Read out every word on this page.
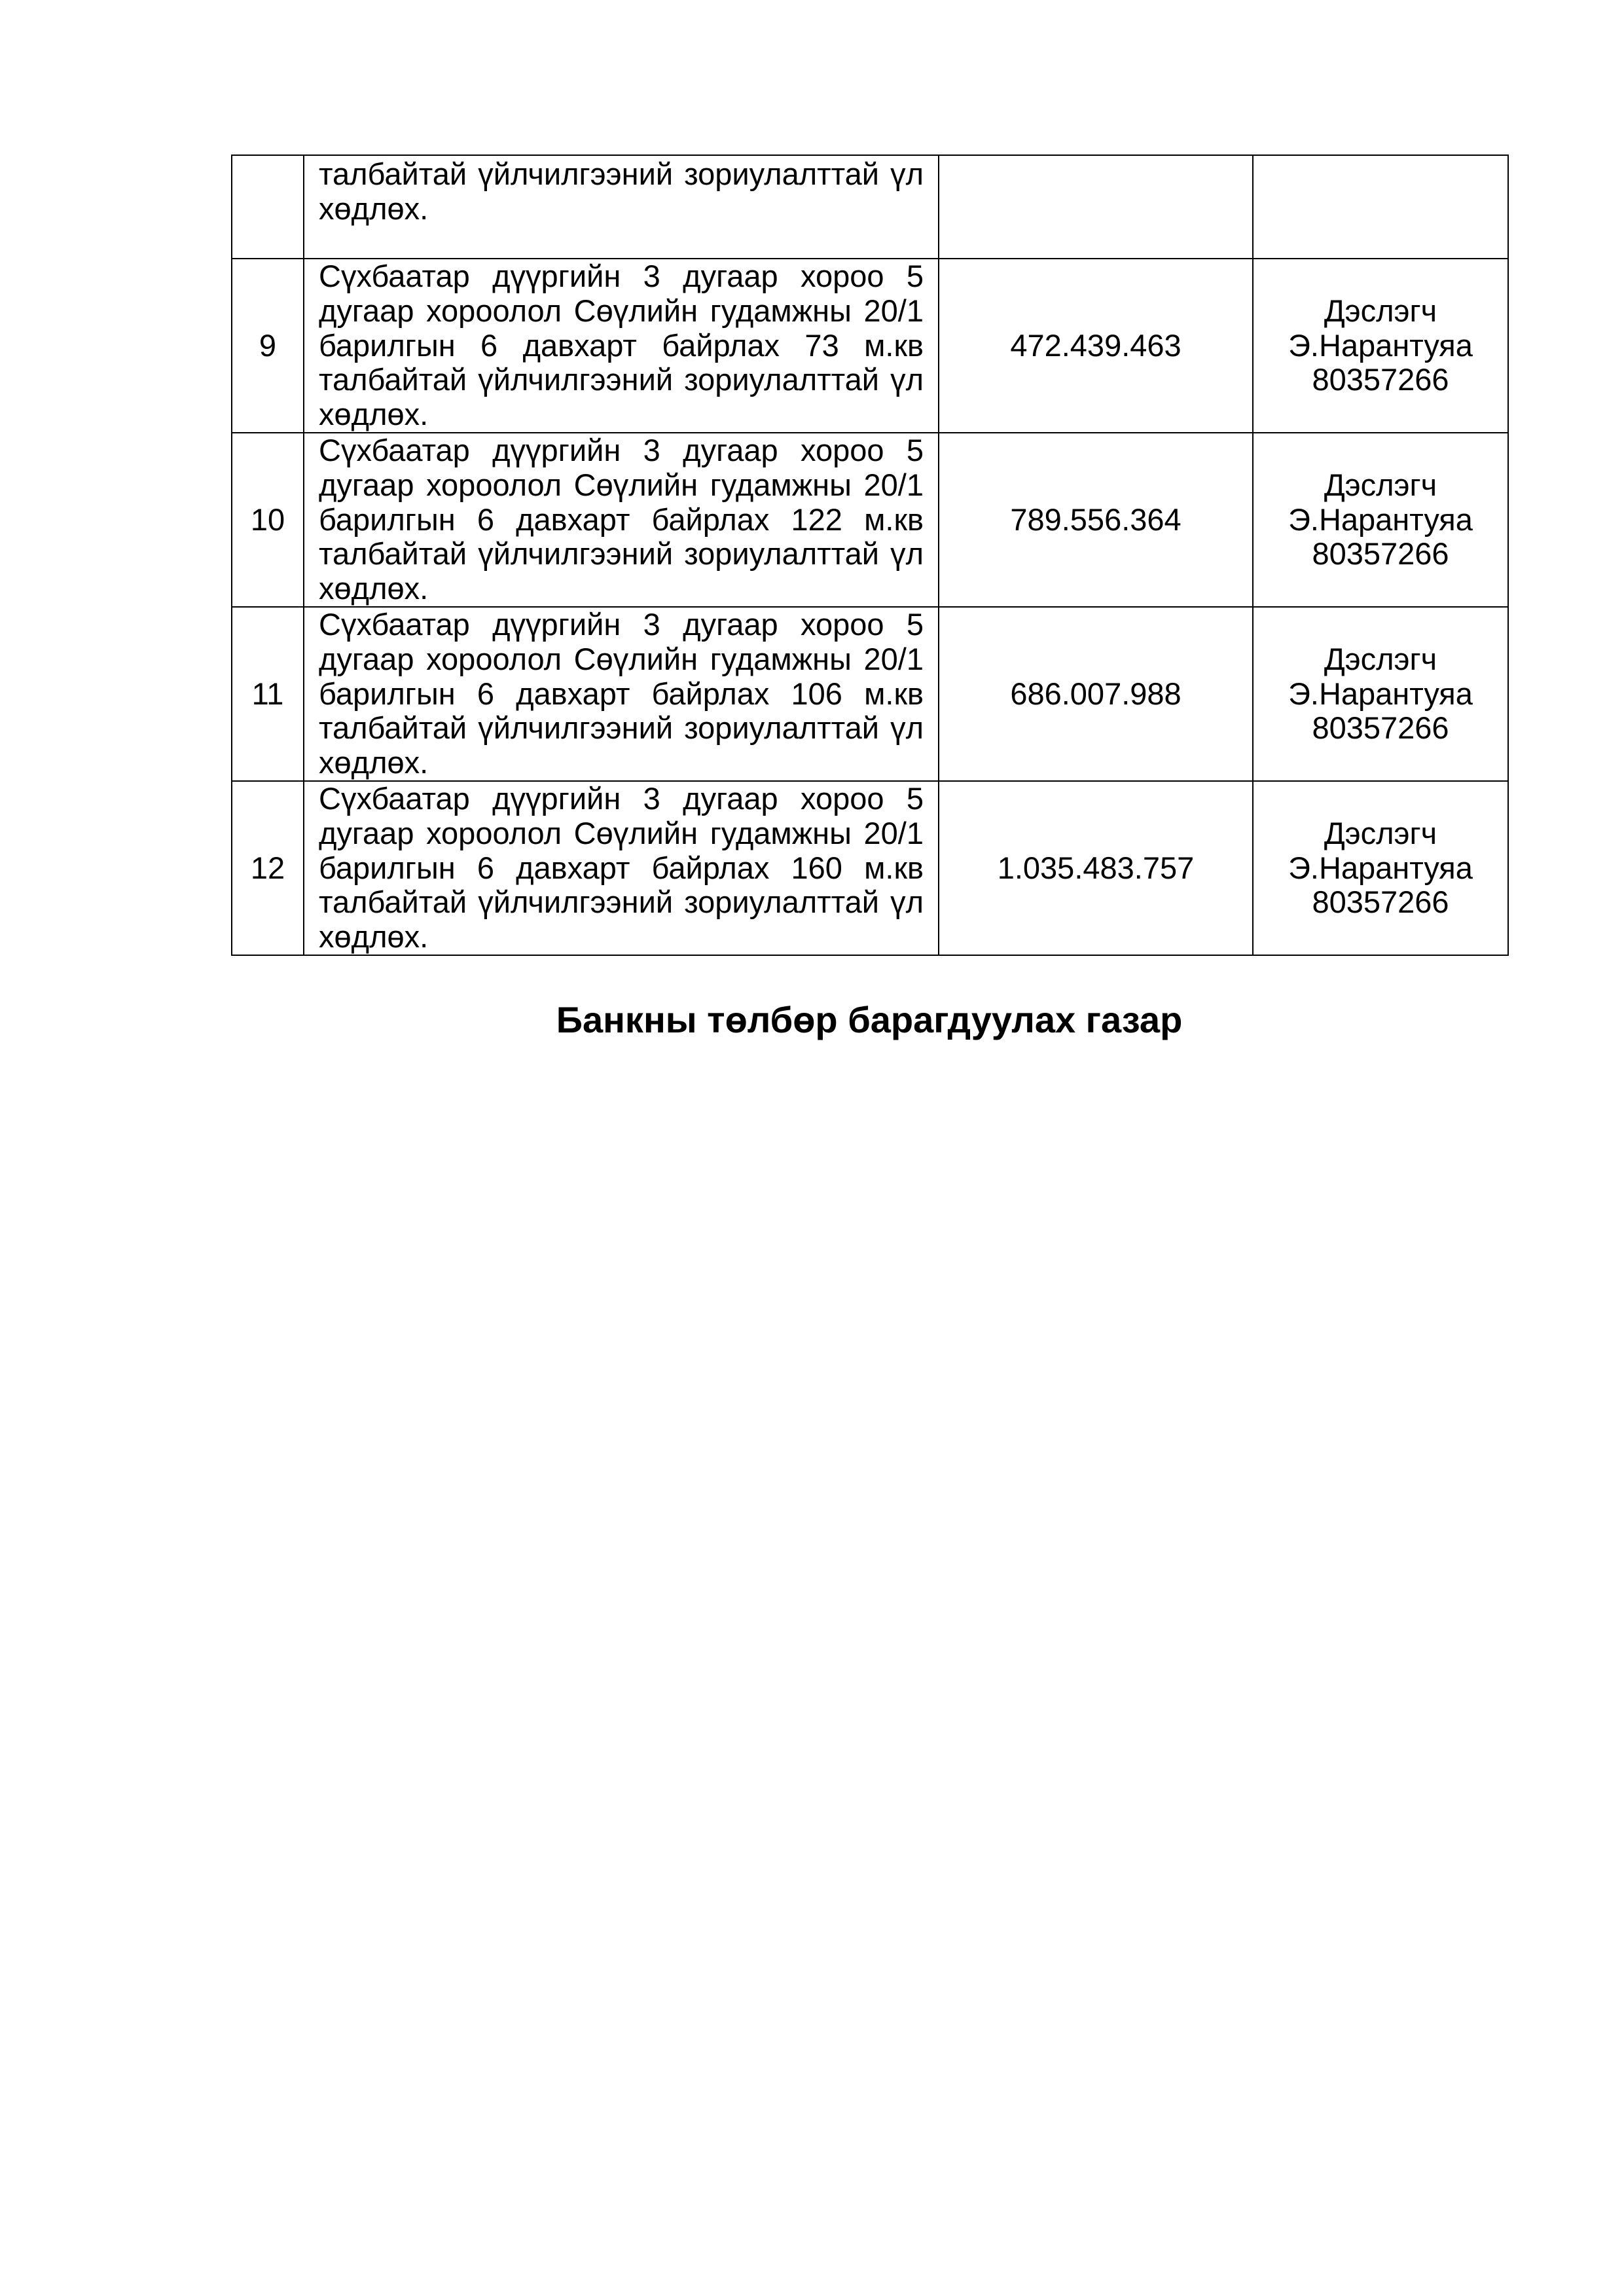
	талбайтай үйлчилгээний зориулалттай үл хөдлөх.		
9	Сүхбаатар дүүргийн 3 дугаар хороо 5 дугаар хороолол Сөүлийн гудамжны 20/1 барилгын 6 давхарт байрлах 73 м.кв талбайтай үйлчилгээний зориулалттай үл хөдлөх.	472.439.463	Дэслэгч
Э.Нарантуяа
80357266

10	Сүхбаатар дүүргийн 3 дугаар хороо 5 дугаар хороолол Сөүлийн гудамжны 20/1 барилгын 6 давхарт байрлах 122 м.кв талбайтай үйлчилгээний зориулалттай үл хөдлөх.	789.556.364	Дэслэгч
Э.Нарантуяа
80357266

11	Сүхбаатар дүүргийн 3 дугаар хороо 5 дугаар хороолол Сөүлийн гудамжны 20/1 барилгын 6 давхарт байрлах 106 м.кв талбайтай үйлчилгээний зориулалттай үл хөдлөх.	686.007.988	Дэслэгч
Э.Нарантуяа
80357266

12	Сүхбаатар дүүргийн 3 дугаар хороо 5 дугаар хороолол Сөүлийн гудамжны 20/1 барилгын 6 давхарт байрлах 160 м.кв талбайтай үйлчилгээний зориулалттай үл хөдлөх.	1.035.483.757	Дэслэгч
Э.Нарантуяа
80357266
Банкны төлбөр барагдуулах газар
